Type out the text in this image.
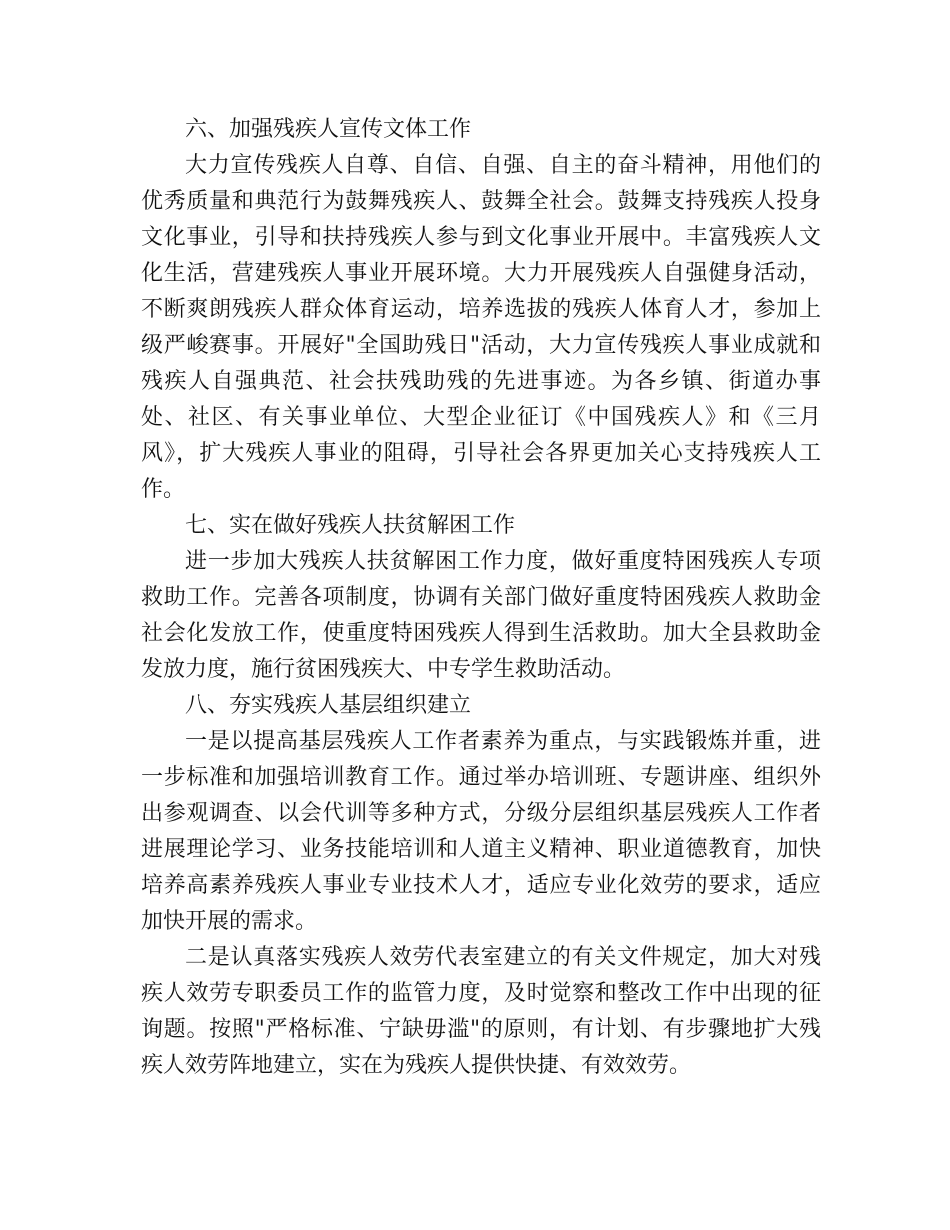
六、加强残疾人宣传文体工作

大力宣传残疾人自尊、自信、自强、自主的奋斗精神，用他们的优秀质量和典范行为鼓舞残疾人、鼓舞全社会。鼓舞支持残疾人投身文化事业，引导和扶持残疾人参与到文化事业开展中。丰富残疾人文化生活，营建残疾人事业开展环境。大力开展残疾人自强健身活动，不断爽朗残疾人群众体育运动，培养选拔的残疾人体育人才，参加上级严峻赛事。开展好"全国助残日"活动，大力宣传残疾人事业成就和残疾人自强典范、社会扶残助残的先进事迹。为各乡镇、街道办事处、社区、有关事业单位、大型企业征订《中国残疾人》和《三月风》，扩大残疾人事业的阻碍，引导社会各界更加关心支持残疾人工作。

七、实在做好残疾人扶贫解困工作

进一步加大残疾人扶贫解困工作力度，做好重度特困残疾人专项救助工作。完善各项制度，协调有关部门做好重度特困残疾人救助金社会化发放工作，使重度特困残疾人得到生活救助。加大全县救助金发放力度，施行贫困残疾大、中专学生救助活动。

八、夯实残疾人基层组织建立

一是以提高基层残疾人工作者素养为重点，与实践锻炼并重，进一步标准和加强培训教育工作。通过举办培训班、专题讲座、组织外出参观调查、以会代训等多种方式，分级分层组织基层残疾人工作者进展理论学习、业务技能培训和人道主义精神、职业道德教育，加快培养高素养残疾人事业专业技术人才，适应专业化效劳的要求，适应加快开展的需求。

二是认真落实残疾人效劳代表室建立的有关文件规定，加大对残疾人效劳专职委员工作的监管力度，及时觉察和整改工作中出现的征询题。按照"严格标准、宁缺毋滥"的原则，有计划、有步骤地扩大残疾人效劳阵地建立，实在为残疾人提供快捷、有效效劳。
